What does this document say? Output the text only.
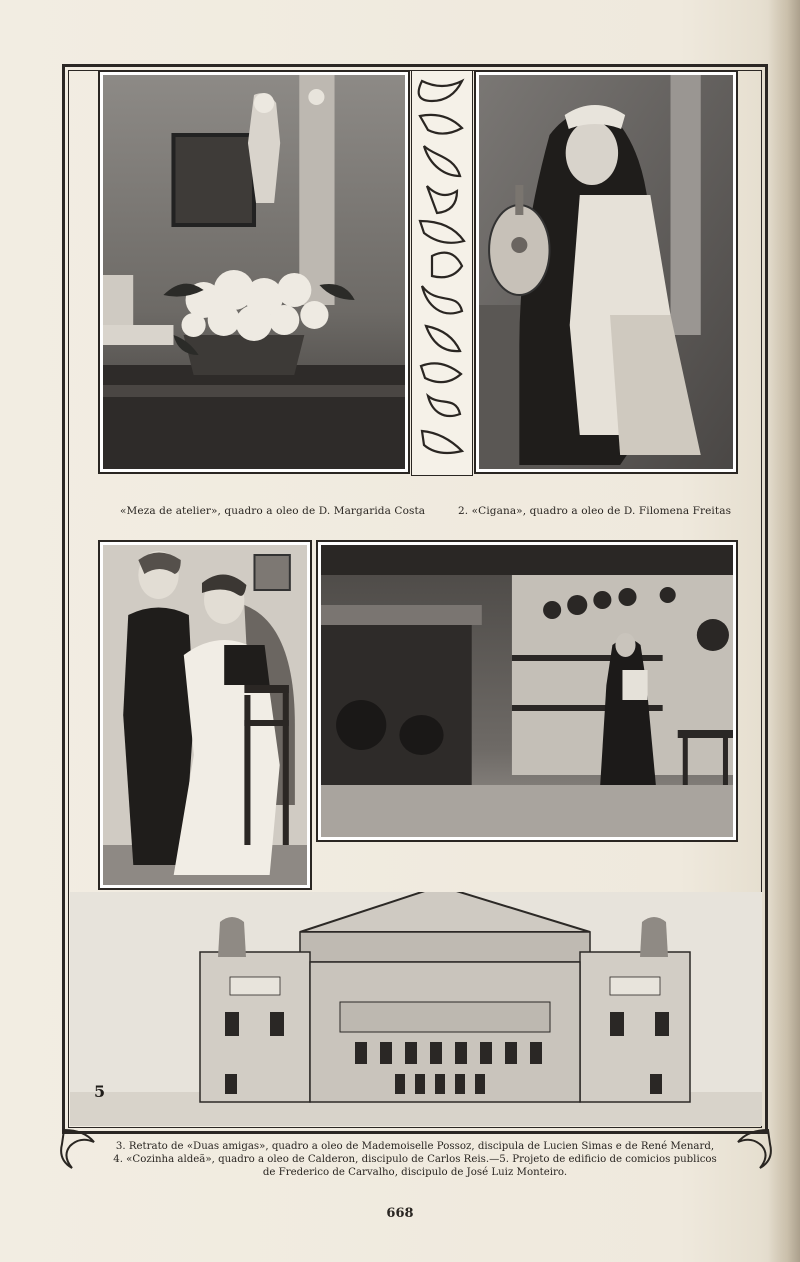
«Meza de atelier», quadro a oleo de D. Margarida Costa	2. «Cigana», quadro a oleo de D. Filomena Freitas
5
3. Retrato de «Duas amigas», quadro a oleo de Mademoiselle Possoz, discipula de Lucien Simas e de René Menard,
4. «Cozinha aldeã», quadro a oleo de Calderon, discipulo de Carlos Reis.—5. Projeto de edificio de comicios publicos
de Frederico de Carvalho, discipulo de José Luiz Monteiro.
668
